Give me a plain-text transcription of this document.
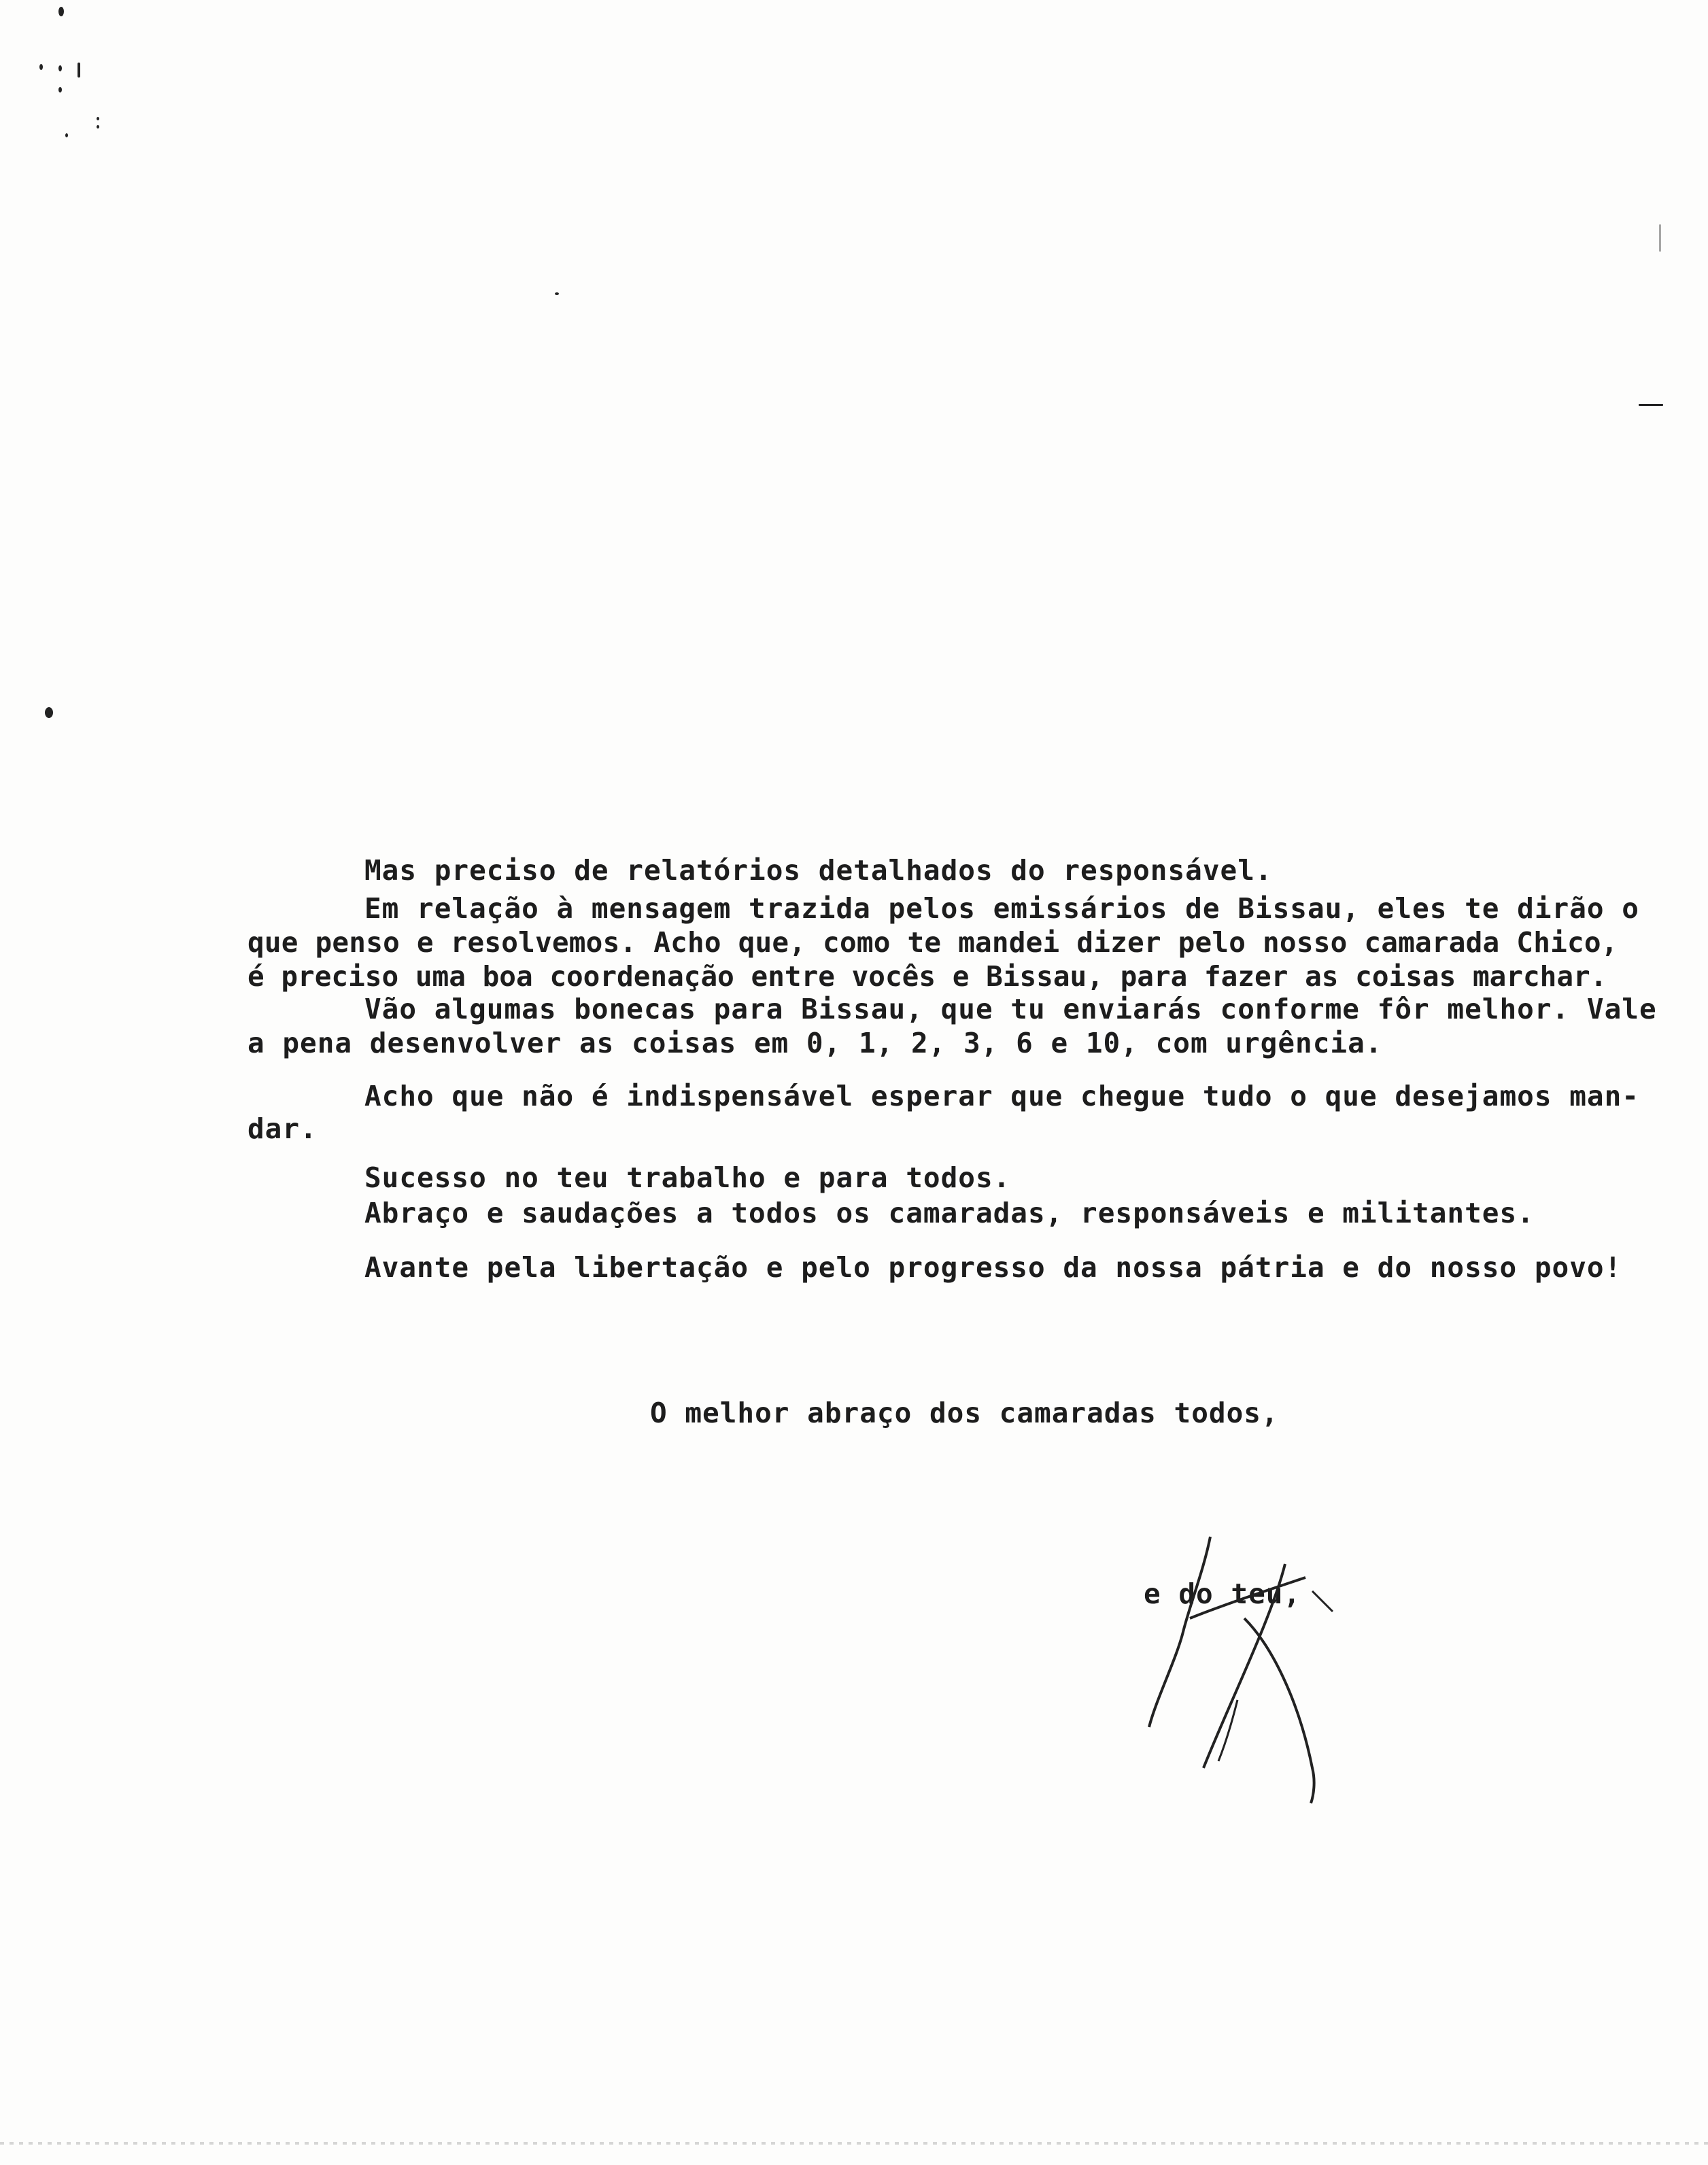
Mas preciso de relatórios detalhados do responsável.
Em relação à mensagem trazida pelos emissários de Bissau, eles te dirão o
que penso e resolvemos. Acho que, como te mandei dizer pelo nosso camarada Chico,
é preciso uma boa coordenação entre vocês e Bissau, para fazer as coisas marchar.
Vão algumas bonecas para Bissau, que tu enviarás conforme fôr melhor. Vale
a pena desenvolver as coisas em 0, 1, 2, 3, 6 e 10, com urgência.
Acho que não é indispensável esperar que chegue tudo o que desejamos man-
dar.
Sucesso no teu trabalho e para todos.
Abraço e saudações a todos os camaradas, responsáveis e militantes.
Avante pela libertação e pelo progresso da nossa pátria e do nosso povo!
O melhor abraço dos camaradas todos,
e do teu,
